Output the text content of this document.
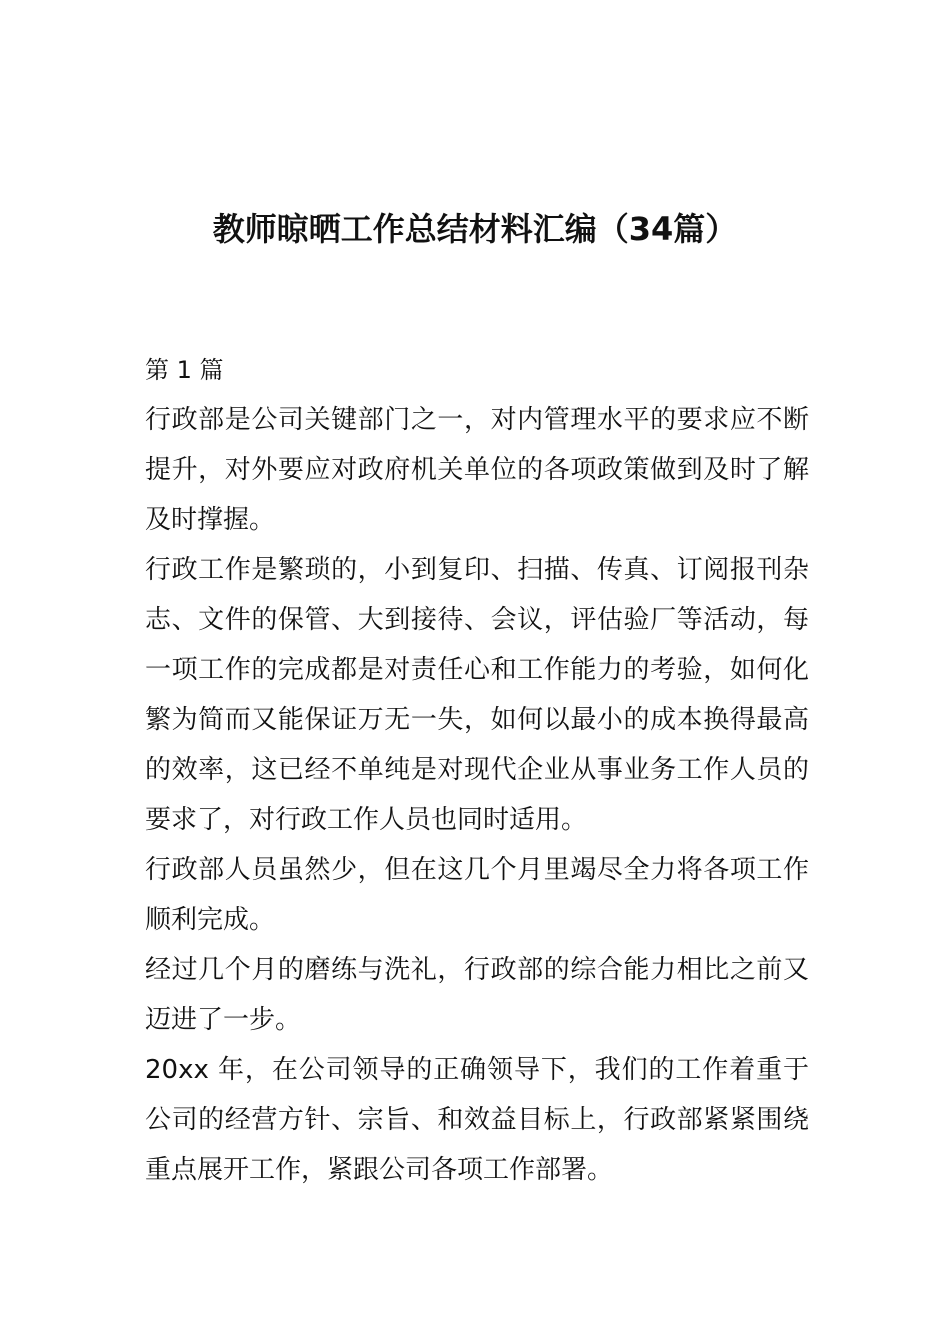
教师晾晒工作总结材料汇编（34篇）

第 1 篇

行政部是公司关键部门之一，对内管理水平的要求应不断提升，对外要应对政府机关单位的各项政策做到及时了解及时撑握。

行政工作是繁琐的，小到复印、扫描、传真、订阅报刊杂志、文件的保管、大到接待、会议，评估验厂等活动，每一项工作的完成都是对责任心和工作能力的考验，如何化繁为简而又能保证万无一失，如何以最小的成本换得最高的效率，这已经不单纯是对现代企业从事业务工作人员的要求了，对行政工作人员也同时适用。

行政部人员虽然少，但在这几个月里竭尽全力将各项工作顺利完成。

经过几个月的磨练与洗礼，行政部的综合能力相比之前又迈进了一步。

20xx 年，在公司领导的正确领导下，我们的工作着重于公司的经营方针、宗旨、和效益目标上，行政部紧紧围绕重点展开工作，紧跟公司各项工作部署。
